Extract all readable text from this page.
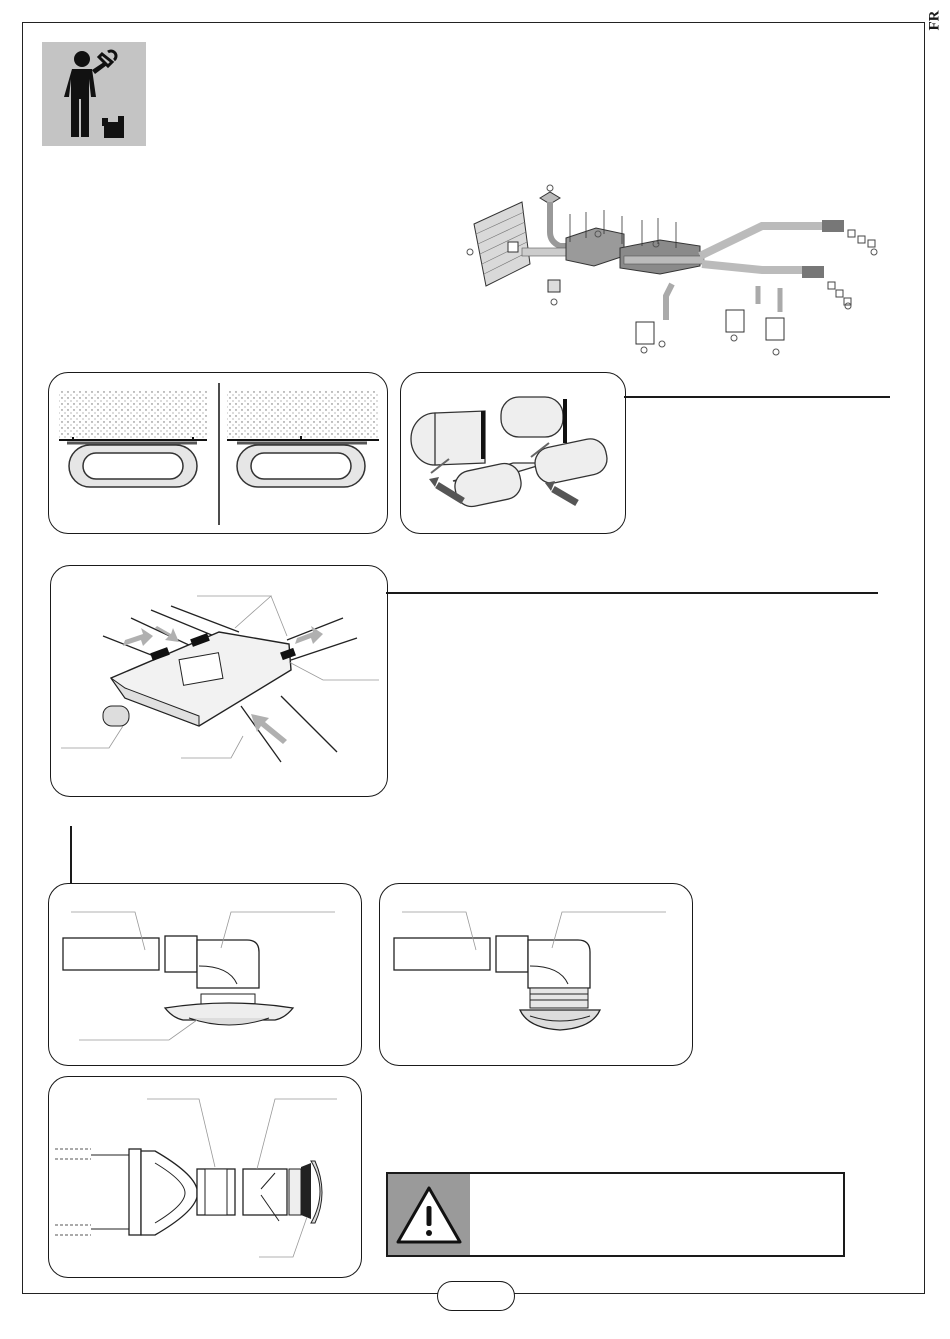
FR
